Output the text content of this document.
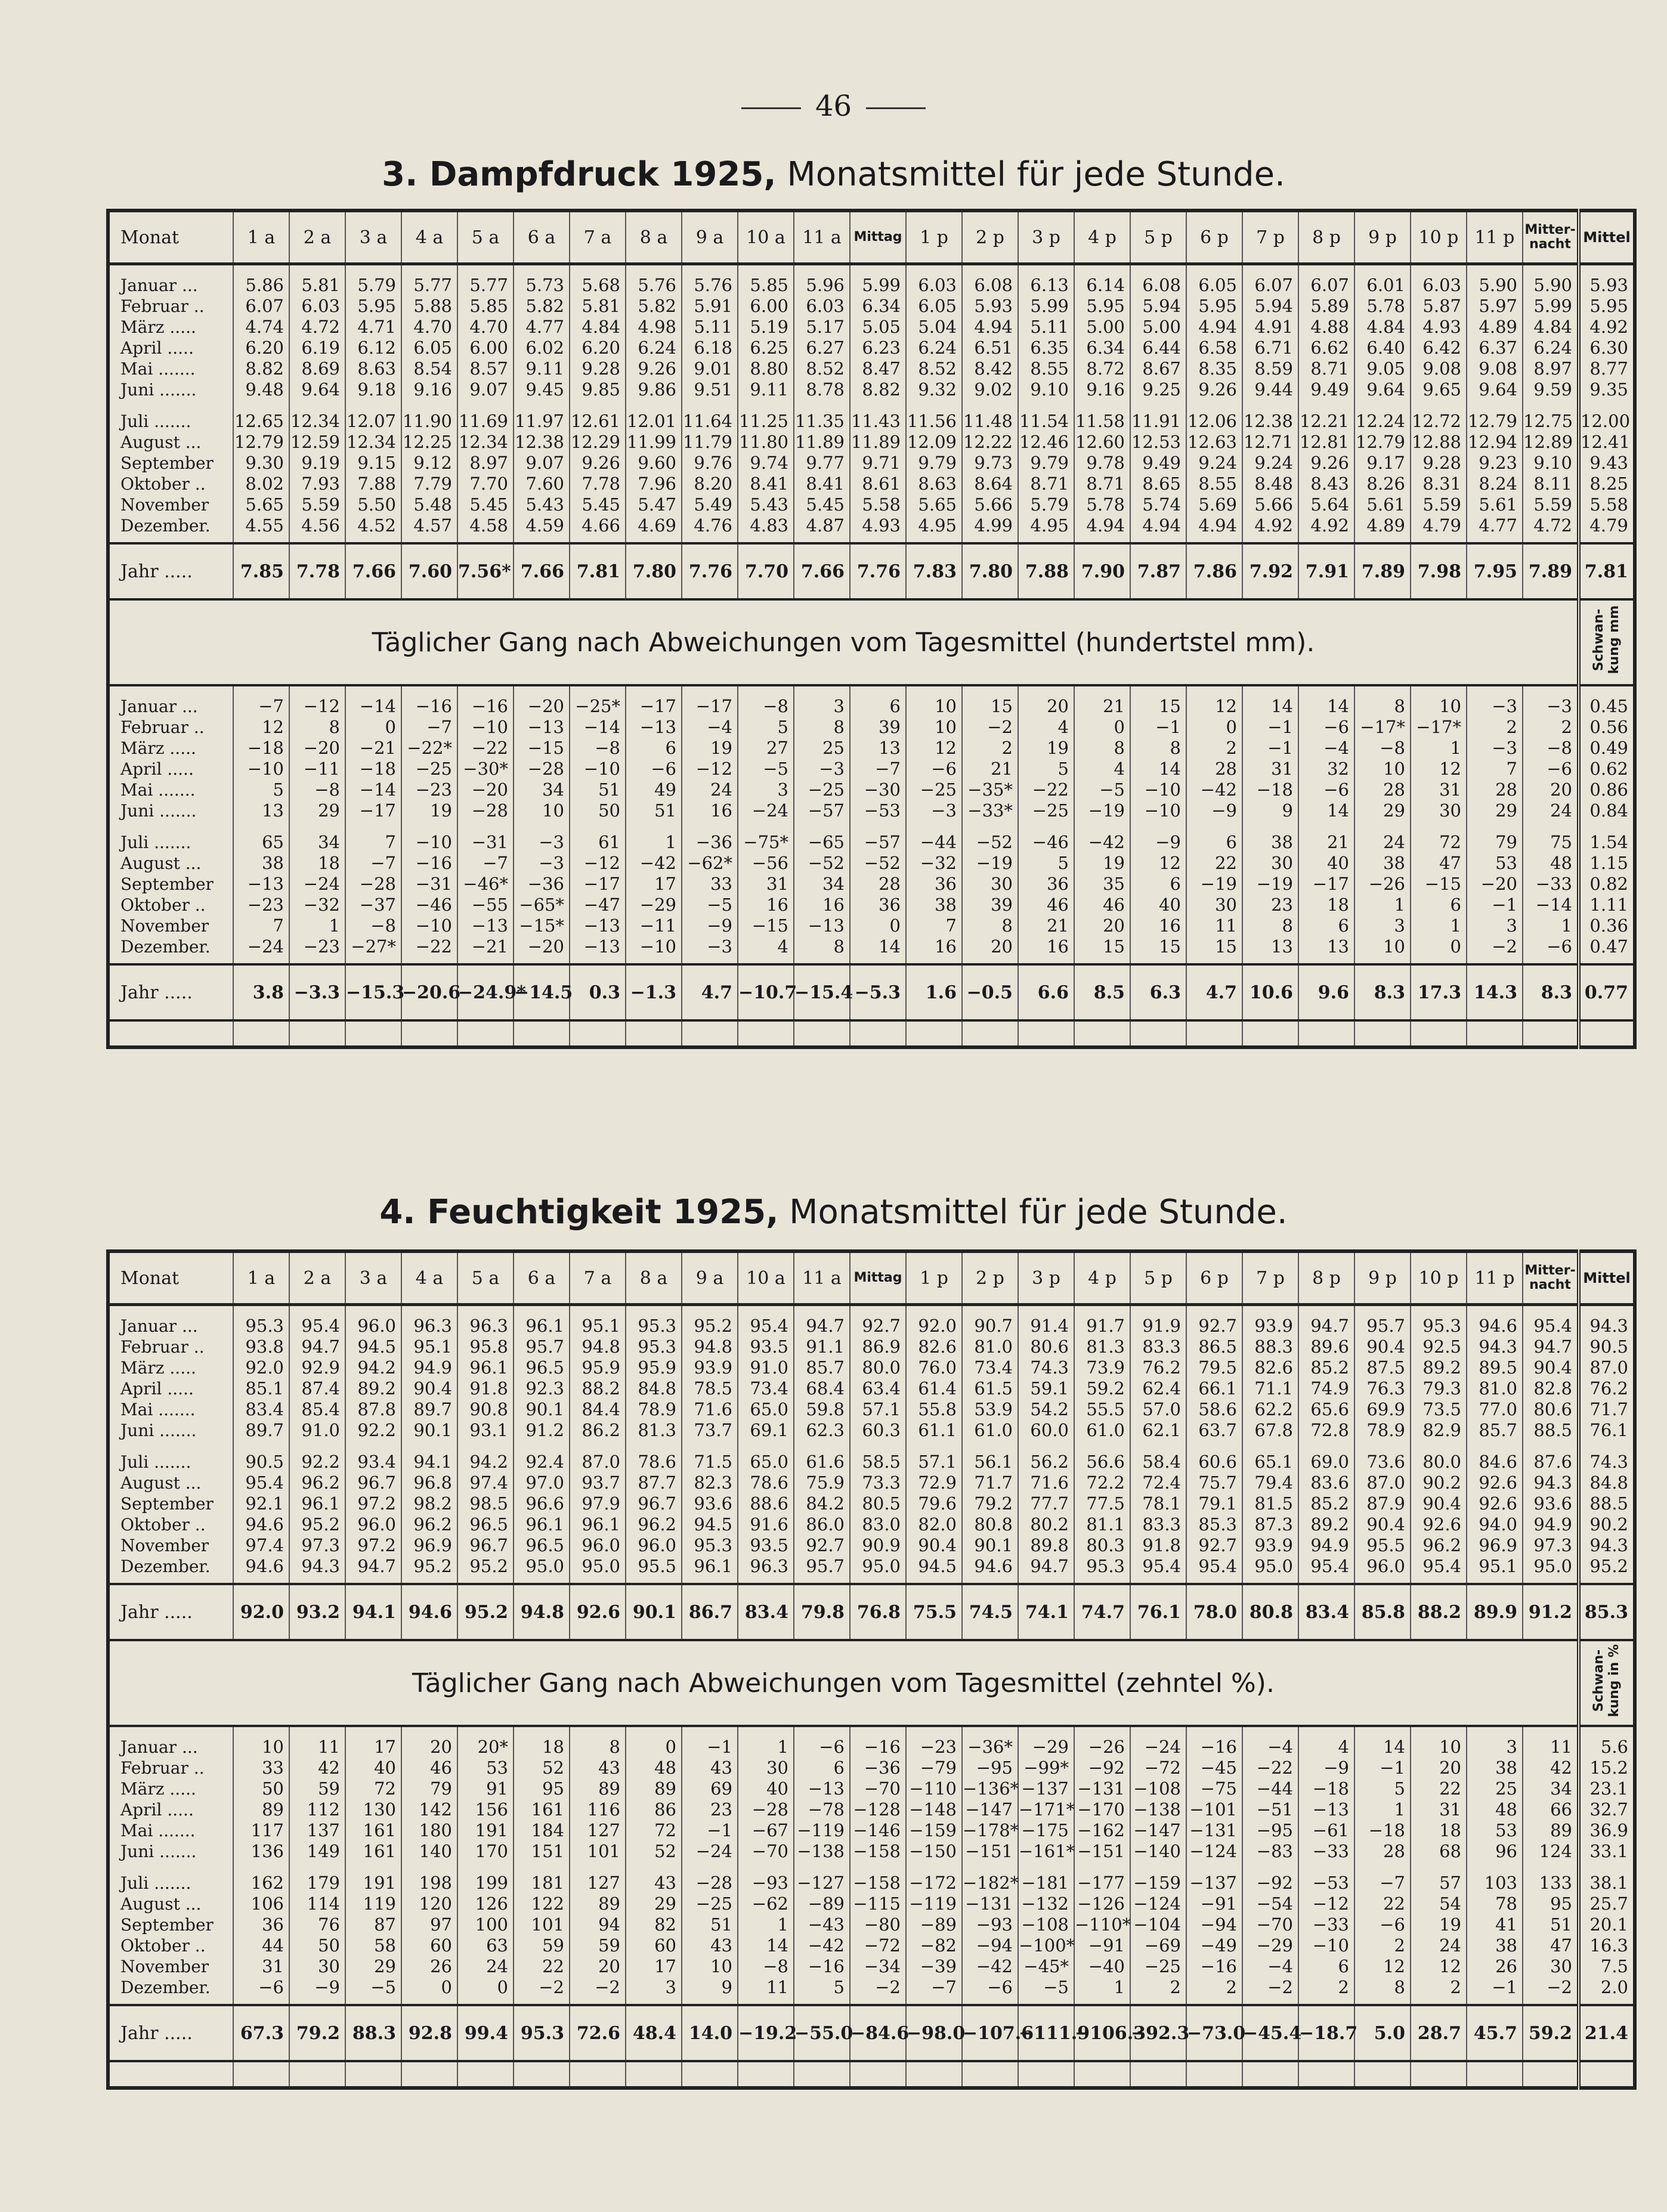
46
3. Dampfdruck 1925, Monatsmittel für jede Stunde.
Monat	1 a	2 a	3 a	4 a	5 a	6 a	7 a	8 a	9 a	10 a	11 a	Mittag	1 p	2 p	3 p	4 p	5 p	6 p	7 p	8 p	9 p	10 p	11 p	Mitter-
nacht	Mittel
Januar ...	5.86	5.81	5.79	5.77	5.77	5.73	5.68	5.76	5.76	5.85	5.96	5.99	6.03	6.08	6.13	6.14	6.08	6.05	6.07	6.07	6.01	6.03	5.90	5.90	5.93
Februar ..	6.07	6.03	5.95	5.88	5.85	5.82	5.81	5.82	5.91	6.00	6.03	6.34	6.05	5.93	5.99	5.95	5.94	5.95	5.94	5.89	5.78	5.87	5.97	5.99	5.95
März .....	4.74	4.72	4.71	4.70	4.70	4.77	4.84	4.98	5.11	5.19	5.17	5.05	5.04	4.94	5.11	5.00	5.00	4.94	4.91	4.88	4.84	4.93	4.89	4.84	4.92
April .....	6.20	6.19	6.12	6.05	6.00	6.02	6.20	6.24	6.18	6.25	6.27	6.23	6.24	6.51	6.35	6.34	6.44	6.58	6.71	6.62	6.40	6.42	6.37	6.24	6.30
Mai .......	8.82	8.69	8.63	8.54	8.57	9.11	9.28	9.26	9.01	8.80	8.52	8.47	8.52	8.42	8.55	8.72	8.67	8.35	8.59	8.71	9.05	9.08	9.08	8.97	8.77
Juni .......	9.48	9.64	9.18	9.16	9.07	9.45	9.85	9.86	9.51	9.11	8.78	8.82	9.32	9.02	9.10	9.16	9.25	9.26	9.44	9.49	9.64	9.65	9.64	9.59	9.35
Juli .......	12.65	12.34	12.07	11.90	11.69	11.97	12.61	12.01	11.64	11.25	11.35	11.43	11.56	11.48	11.54	11.58	11.91	12.06	12.38	12.21	12.24	12.72	12.79	12.75	12.00
August ...	12.79	12.59	12.34	12.25	12.34	12.38	12.29	11.99	11.79	11.80	11.89	11.89	12.09	12.22	12.46	12.60	12.53	12.63	12.71	12.81	12.79	12.88	12.94	12.89	12.41
September	9.30	9.19	9.15	9.12	8.97	9.07	9.26	9.60	9.76	9.74	9.77	9.71	9.79	9.73	9.79	9.78	9.49	9.24	9.24	9.26	9.17	9.28	9.23	9.10	9.43
Oktober ..	8.02	7.93	7.88	7.79	7.70	7.60	7.78	7.96	8.20	8.41	8.41	8.61	8.63	8.64	8.71	8.71	8.65	8.55	8.48	8.43	8.26	8.31	8.24	8.11	8.25
November	5.65	5.59	5.50	5.48	5.45	5.43	5.45	5.47	5.49	5.43	5.45	5.58	5.65	5.66	5.79	5.78	5.74	5.69	5.66	5.64	5.61	5.59	5.61	5.59	5.58
Dezember.	4.55	4.56	4.52	4.57	4.58	4.59	4.66	4.69	4.76	4.83	4.87	4.93	4.95	4.99	4.95	4.94	4.94	4.94	4.92	4.92	4.89	4.79	4.77	4.72	4.79
Jahr .....	7.85	7.78	7.66	7.60	7.56*	7.66	7.81	7.80	7.76	7.70	7.66	7.76	7.83	7.80	7.88	7.90	7.87	7.86	7.92	7.91	7.89	7.98	7.95	7.89	7.81
Täglicher Gang nach Abweichungen vom Tagesmittel (hundertstel mm).																									Schwan-
kung mm
Januar ...	−7	−12	−14	−16	−16	−20	−25*	−17	−17	−8	3	6	10	15	20	21	15	12	14	14	8	10	−3	−3	0.45
Februar ..	12	8	0	−7	−10	−13	−14	−13	−4	5	8	39	10	−2	4	0	−1	0	−1	−6	−17*	−17*	2	2	0.56
März .....	−18	−20	−21	−22*	−22	−15	−8	6	19	27	25	13	12	2	19	8	8	2	−1	−4	−8	1	−3	−8	0.49
April .....	−10	−11	−18	−25	−30*	−28	−10	−6	−12	−5	−3	−7	−6	21	5	4	14	28	31	32	10	12	7	−6	0.62
Mai .......	5	−8	−14	−23	−20	34	51	49	24	3	−25	−30	−25	−35*	−22	−5	−10	−42	−18	−6	28	31	28	20	0.86
Juni .......	13	29	−17	19	−28	10	50	51	16	−24	−57	−53	−3	−33*	−25	−19	−10	−9	9	14	29	30	29	24	0.84
Juli .......	65	34	7	−10	−31	−3	61	1	−36	−75*	−65	−57	−44	−52	−46	−42	−9	6	38	21	24	72	79	75	1.54
August ...	38	18	−7	−16	−7	−3	−12	−42	−62*	−56	−52	−52	−32	−19	5	19	12	22	30	40	38	47	53	48	1.15
September	−13	−24	−28	−31	−46*	−36	−17	17	33	31	34	28	36	30	36	35	6	−19	−19	−17	−26	−15	−20	−33	0.82
Oktober ..	−23	−32	−37	−46	−55	−65*	−47	−29	−5	16	16	36	38	39	46	46	40	30	23	18	1	6	−1	−14	1.11
November	7	1	−8	−10	−13	−15*	−13	−11	−9	−15	−13	0	7	8	21	20	16	11	8	6	3	1	3	1	0.36
Dezember.	−24	−23	−27*	−22	−21	−20	−13	−10	−3	4	8	14	16	20	16	15	15	15	13	13	10	0	−2	−6	0.47
Jahr .....	3.8	−3.3	−15.3	−20.6	−24.9*	−14.5	0.3	−1.3	4.7	−10.7	−15.4	−5.3	1.6	−0.5	6.6	8.5	6.3	4.7	10.6	9.6	8.3	17.3	14.3	8.3	0.77

4. Feuchtigkeit 1925, Monatsmittel für jede Stunde.
Monat	1 a	2 a	3 a	4 a	5 a	6 a	7 a	8 a	9 a	10 a	11 a	Mittag	1 p	2 p	3 p	4 p	5 p	6 p	7 p	8 p	9 p	10 p	11 p	Mitter-
nacht	Mittel
Januar ...	95.3	95.4	96.0	96.3	96.3	96.1	95.1	95.3	95.2	95.4	94.7	92.7	92.0	90.7	91.4	91.7	91.9	92.7	93.9	94.7	95.7	95.3	94.6	95.4	94.3
Februar ..	93.8	94.7	94.5	95.1	95.8	95.7	94.8	95.3	94.8	93.5	91.1	86.9	82.6	81.0	80.6	81.3	83.3	86.5	88.3	89.6	90.4	92.5	94.3	94.7	90.5
März .....	92.0	92.9	94.2	94.9	96.1	96.5	95.9	95.9	93.9	91.0	85.7	80.0	76.0	73.4	74.3	73.9	76.2	79.5	82.6	85.2	87.5	89.2	89.5	90.4	87.0
April .....	85.1	87.4	89.2	90.4	91.8	92.3	88.2	84.8	78.5	73.4	68.4	63.4	61.4	61.5	59.1	59.2	62.4	66.1	71.1	74.9	76.3	79.3	81.0	82.8	76.2
Mai .......	83.4	85.4	87.8	89.7	90.8	90.1	84.4	78.9	71.6	65.0	59.8	57.1	55.8	53.9	54.2	55.5	57.0	58.6	62.2	65.6	69.9	73.5	77.0	80.6	71.7
Juni .......	89.7	91.0	92.2	90.1	93.1	91.2	86.2	81.3	73.7	69.1	62.3	60.3	61.1	61.0	60.0	61.0	62.1	63.7	67.8	72.8	78.9	82.9	85.7	88.5	76.1
Juli .......	90.5	92.2	93.4	94.1	94.2	92.4	87.0	78.6	71.5	65.0	61.6	58.5	57.1	56.1	56.2	56.6	58.4	60.6	65.1	69.0	73.6	80.0	84.6	87.6	74.3
August ...	95.4	96.2	96.7	96.8	97.4	97.0	93.7	87.7	82.3	78.6	75.9	73.3	72.9	71.7	71.6	72.2	72.4	75.7	79.4	83.6	87.0	90.2	92.6	94.3	84.8
September	92.1	96.1	97.2	98.2	98.5	96.6	97.9	96.7	93.6	88.6	84.2	80.5	79.6	79.2	77.7	77.5	78.1	79.1	81.5	85.2	87.9	90.4	92.6	93.6	88.5
Oktober ..	94.6	95.2	96.0	96.2	96.5	96.1	96.1	96.2	94.5	91.6	86.0	83.0	82.0	80.8	80.2	81.1	83.3	85.3	87.3	89.2	90.4	92.6	94.0	94.9	90.2
November	97.4	97.3	97.2	96.9	96.7	96.5	96.0	96.0	95.3	93.5	92.7	90.9	90.4	90.1	89.8	80.3	91.8	92.7	93.9	94.9	95.5	96.2	96.9	97.3	94.3
Dezember.	94.6	94.3	94.7	95.2	95.2	95.0	95.0	95.5	96.1	96.3	95.7	95.0	94.5	94.6	94.7	95.3	95.4	95.4	95.0	95.4	96.0	95.4	95.1	95.0	95.2
Jahr .....	92.0	93.2	94.1	94.6	95.2	94.8	92.6	90.1	86.7	83.4	79.8	76.8	75.5	74.5	74.1	74.7	76.1	78.0	80.8	83.4	85.8	88.2	89.9	91.2	85.3
Täglicher Gang nach Abweichungen vom Tagesmittel (zehntel %).																									Schwan-
kung in %
Januar ...	10	11	17	20	20*	18	8	0	−1	1	−6	−16	−23	−36*	−29	−26	−24	−16	−4	4	14	10	3	11	5.6
Februar ..	33	42	40	46	53	52	43	48	43	30	6	−36	−79	−95	−99*	−92	−72	−45	−22	−9	−1	20	38	42	15.2
März .....	50	59	72	79	91	95	89	89	69	40	−13	−70	−110	−136*	−137	−131	−108	−75	−44	−18	5	22	25	34	23.1
April .....	89	112	130	142	156	161	116	86	23	−28	−78	−128	−148	−147	−171*	−170	−138	−101	−51	−13	1	31	48	66	32.7
Mai .......	117	137	161	180	191	184	127	72	−1	−67	−119	−146	−159	−178*	−175	−162	−147	−131	−95	−61	−18	18	53	89	36.9
Juni .......	136	149	161	140	170	151	101	52	−24	−70	−138	−158	−150	−151	−161*	−151	−140	−124	−83	−33	28	68	96	124	33.1
Juli .......	162	179	191	198	199	181	127	43	−28	−93	−127	−158	−172	−182*	−181	−177	−159	−137	−92	−53	−7	57	103	133	38.1
August ...	106	114	119	120	126	122	89	29	−25	−62	−89	−115	−119	−131	−132	−126	−124	−91	−54	−12	22	54	78	95	25.7
September	36	76	87	97	100	101	94	82	51	1	−43	−80	−89	−93	−108	−110*	−104	−94	−70	−33	−6	19	41	51	20.1
Oktober ..	44	50	58	60	63	59	59	60	43	14	−42	−72	−82	−94	−100*	−91	−69	−49	−29	−10	2	24	38	47	16.3
November	31	30	29	26	24	22	20	17	10	−8	−16	−34	−39	−42	−45*	−40	−25	−16	−4	6	12	12	26	30	7.5
Dezember.	−6	−9	−5	0	0	−2	−2	3	9	11	5	−2	−7	−6	−5	1	2	2	−2	2	8	2	−1	−2	2.0
Jahr .....	67.3	79.2	88.3	92.8	99.4	95.3	72.6	48.4	14.0	−19.2	−55.0	−84.6	−98.0	−107.6	−111.9	−106.3	−92.3	−73.0	−45.4	−18.7	5.0	28.7	45.7	59.2	21.4
